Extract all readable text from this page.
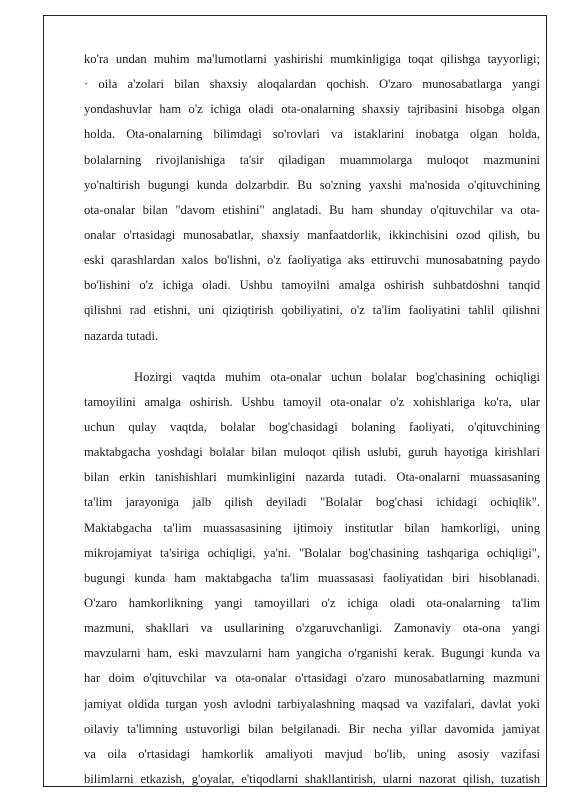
ko'ra undan muhim ma'lumotlarni yashirishi mumkinligiga toqat qilishga tayyorligi;
· oila a'zolari bilan shaxsiy aloqalardan qochish. O'zaro munosabatlarga yangi
yondashuvlar ham o'z ichiga oladi ota-onalarning shaxsiy tajribasini hisobga olgan
holda. Ota-onalarning bilimdagi so'rovlari va istaklarini inobatga olgan holda,
bolalarning rivojlanishiga ta'sir qiladigan muammolarga muloqot mazmunini
yo'naltirish bugungi kunda dolzarbdir. Bu so'zning yaxshi ma'nosida o'qituvchining
ota-onalar bilan "davom etishini" anglatadi. Bu ham shunday o'qituvchilar va ota-
onalar o'rtasidagi munosabatlar, shaxsiy manfaatdorlik, ikkinchisini ozod qilish, bu
eski qarashlardan xalos bo'lishni, o'z faoliyatiga aks ettiruvchi munosabatning paydo
bo'lishini o'z ichiga oladi. Ushbu tamoyilni amalga oshirish suhbatdoshni tanqid
qilishni rad etishni, uni qiziqtirish qobiliyatini, o'z ta'lim faoliyatini tahlil qilishni
nazarda tutadi.
Hozirgi vaqtda muhim ota-onalar uchun bolalar bog'chasining ochiqligi
tamoyilini amalga oshirish. Ushbu tamoyil ota-onalar o'z xohishlariga ko'ra, ular
uchun qulay vaqtda, bolalar bog'chasidagi bolaning faoliyati, o'qituvchining
maktabgacha yoshdagi bolalar bilan muloqot qilish uslubi, guruh hayotiga kirishlari
bilan erkin tanishishlari mumkinligini nazarda tutadi. Ota-onalarni muassasaning
ta'lim jarayoniga jalb qilish deyiladi "Bolalar bog'chasi ichidagi ochiqlik".
Maktabgacha ta'lim muassasasining ijtimoiy institutlar bilan hamkorligi, uning
mikrojamiyat ta'siriga ochiqligi, ya'ni. "Bolalar bog'chasining tashqariga ochiqligi",
bugungi kunda ham maktabgacha ta'lim muassasasi faoliyatidan biri hisoblanadi.
O'zaro hamkorlikning yangi tamoyillari o'z ichiga oladi ota-onalarning ta'lim
mazmuni, shakllari va usullarining o'zgaruvchanligi. Zamonaviy ota-ona yangi
mavzularni ham, eski mavzularni ham yangicha o'rganishi kerak. Bugungi kunda va
har doim o'qituvchilar va ota-onalar o'rtasidagi o'zaro munosabatlarning mazmuni
jamiyat oldida turgan yosh avlodni tarbiyalashning maqsad va vazifalari, davlat yoki
oilaviy ta'limning ustuvorligi bilan belgilanadi. Bir necha yillar davomida jamiyat
va oila o'rtasidagi hamkorlik amaliyoti mavjud bo'lib, uning asosiy vazifasi
bilimlarni etkazish, g'oyalar, e'tiqodlarni shakllantirish, ularni nazorat qilish, tuzatish
